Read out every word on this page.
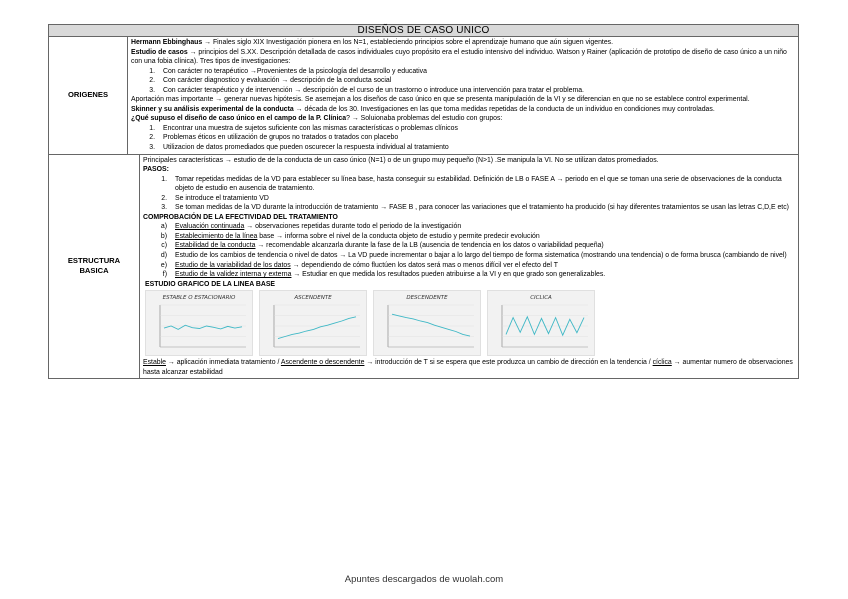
DISEÑOS DE CASO UNICO
ORIGENES

Hermann Ebbinghaus → Finales siglo XIX Investigación pionera en los N=1, estableciendo principios sobre el aprendizaje humano que aún siguen vigentes.

Estudio de casos → principios del S.XX. Descripción detallada de casos individuales cuyo propósito era el estudio intensivo del individuo. Watson y Rainer (aplicación de prototipo de diseño de caso único a un niño con una fobia clínica). Tres tipos de investigaciones:

1.	Con carácter no terapéutico →Provenientes de la psicología del desarrollo y educativa
2.	Con carácter diagnostico y evaluación → descripción de la conducta social
3.	Con carácter terapéutico y de intervención → descripción de el curso de un trastorno o introduce una intervención para tratar el problema.

Aportación mas importante → generar nuevas hipótesis. Se asemejan a los diseños de caso único en que se presenta manipulación de la VI y se diferencian en que no se establece control experimental.

Skinner y su análisis experimental de la conducta → década de los 30. Investigaciones en las que toma medidas repetidas de la conducta de un individuo en condiciones muy controladas.

¿Qué supuso el diseño de caso único en el campo de la P. Clínica? → Soluionaba problemas del estudio con grupos:

1.	Encontrar una muestra de sujetos suficiente con las mismas características o problemas clínicos
2.	Problemas éticos en utilización de grupos no tratados o tratados con placebo
3.	Utilizacion de datos promediados que pueden oscurecer la respuesta individual al tratamiento
ESTRUCTURA BASICA

Principales características → estudio de de la conducta de un caso único (N=1) o de un grupo muy pequeño (N>1) .Se manipula la VI. No se utilizan datos promediados.

PASOS:

1.	Tomar repetidas medidas de la VD para establecer su línea base, hasta conseguir su estabilidad. Definición de LB o FASE A → periodo en el que se toman una serie de observaciones de la conducta objeto de estudio en ausencia de tratamiento.
2.	Se introduce el tratamiento VD
3.	Se toman medidas de la VD durante la introducción de tratamiento → FASE B , para conocer las variaciones que el tratamiento ha producido (si hay diferentes tratamientos se usan las letras C,D,E etc)

COMPROBACIÓN DE LA EFECTIVIDAD DEL TRATAMIENTO

a)	Evaluación continuada → observaciones repetidas durante todo el periodo de la investigación
b)	Establecimiento de la línea base → informa sobre el nivel de la conducta objeto de estudio y permite predecir evolución
c)	Estabilidad de la conducta → recomendable alcanzarla durante la fase de la LB (ausencia de tendencia en los datos o variabilidad pequeña)
d)	Estudio de los cambios de tendencia o nivel de datos → La VD puede incrementar o bajar a lo largo del tiempo de forma sistematica (mostrando una tendencia) o de forma brusca (cambiando de nivel)
e)	Estudio de la variabilidad de los datos → dependiendo de cómo fluctúen los datos será mas o menos difícil ver el efecto del T
f)	Estudio de la validez interna y externa → Estudiar en que medida los resultados pueden atribuirse a la VI y en que grado son generalizables.

ESTUDIO GRAFICO DE LA LINEA BASE

ESTABLE O ESTACIONARIO	ASCENDENTE	DESCENDENTE	CICLICA

Estable → aplicación inmediata tratamiento / Ascendente o descendente → introducción de T si se espera que este produzca un cambio de dirección en la tendencia / cíclica → aumentar numero de observaciones hasta alcanzar estabilidad

Apuntes descargados de wuolah.com
